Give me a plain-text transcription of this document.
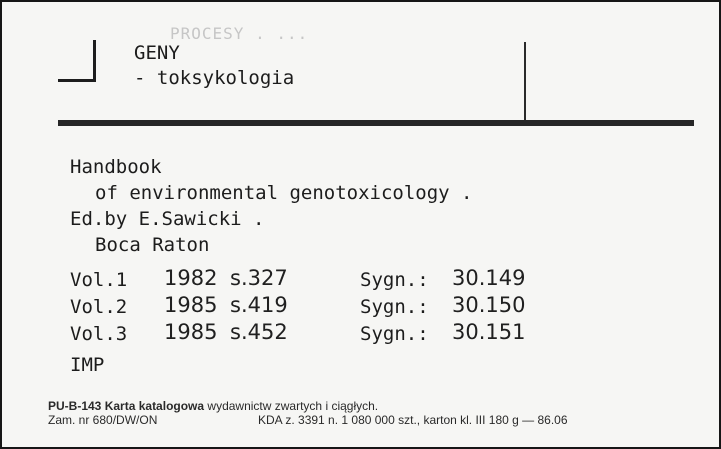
PROCESY . ...
GENY
- toksykologia
Handbook
of environmental genotoxicology .
Ed.by E.Sawicki .
Boca Raton
Vol.1 1982 s.327	Sygn.: 30.149
Vol.2 1985 s.419	Sygn.: 30.150
Vol.3 1985 s.452	Sygn.: 30.151
IMP
PU-B-143 Karta katalogowa wydawnictw zwartych i ciągłych.
Zam. nr 680/DW/ON	KDA z. 3391 n. 1 080 000 szt., karton kl. III 180 g — 86.06
